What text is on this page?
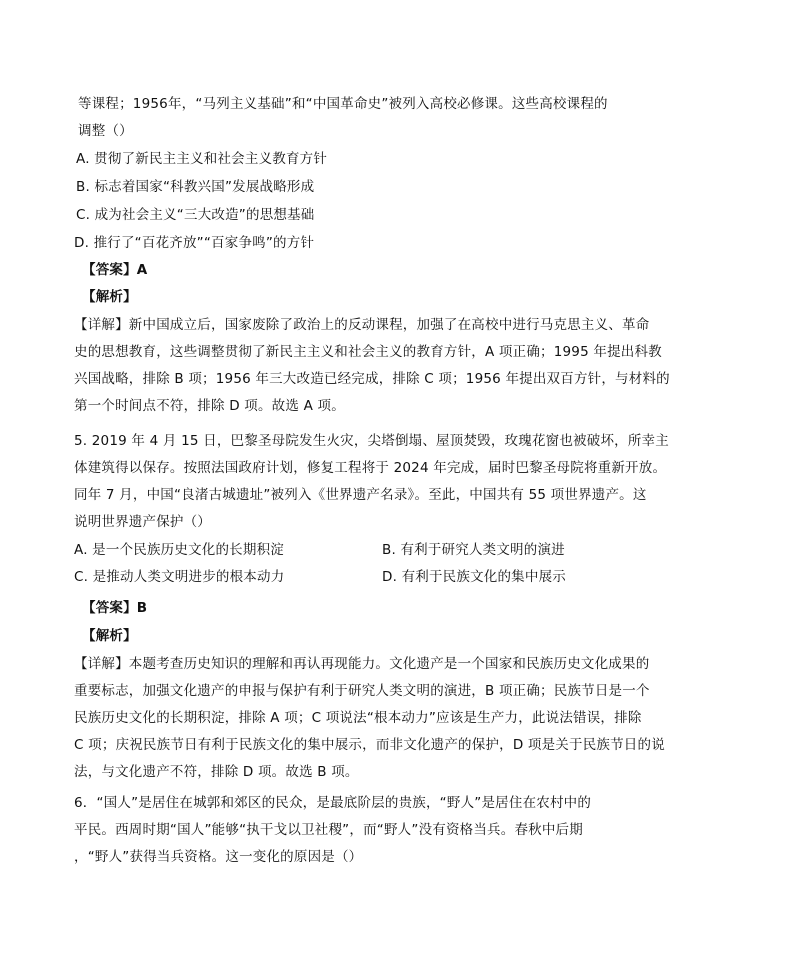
等课程；1956年，“马列主义基础”和“中国革命史”被列入高校必修课。这些高校课程的
调整（）
A. 贯彻了新民主主义和社会主义教育方针
B. 标志着国家“科教兴国”发展战略形成
C. 成为社会主义“三大改造”的思想基础
D. 推行了“百花齐放”“百家争鸣”的方针
【答案】A
【解析】
【详解】新中国成立后，国家废除了政治上的反动课程，加强了在高校中进行马克思主义、革命
史的思想教育，这些调整贯彻了新民主主义和社会主义的教育方针，A 项正确；1995 年提出科教
兴国战略，排除 B 项；1956 年三大改造已经完成，排除 C 项；1956 年提出双百方针，与材料的
第一个时间点不符，排除 D 项。故选 A 项。
5. 2019 年 4 月 15 日，巴黎圣母院发生火灾，尖塔倒塌、屋顶焚毁，玫瑰花窗也被破坏，所幸主
体建筑得以保存。按照法国政府计划，修复工程将于 2024 年完成，届时巴黎圣母院将重新开放。
同年 7 月，中国“良渚古城遗址”被列入《世界遗产名录》。至此，中国共有 55 项世界遗产。这
说明世界遗产保护（）
A. 是一个民族历史文化的长期积淀	B. 有利于研究人类文明的演进
C. 是推动人类文明进步的根本动力	D. 有利于民族文化的集中展示
【答案】B
【解析】
【详解】本题考查历史知识的理解和再认再现能力。文化遗产是一个国家和民族历史文化成果的
重要标志，加强文化遗产的申报与保护有利于研究人类文明的演进，B 项正确；民族节日是一个
民族历史文化的长期积淀，排除 A 项；C 项说法“根本动力”应该是生产力，此说法错误，排除
C 项；庆祝民族节日有利于民族文化的集中展示，而非文化遗产的保护，D 项是关于民族节日的说
法，与文化遗产不符，排除 D 项。故选 B 项。
6．“国人”是居住在城郭和郊区的民众，是最底阶层的贵族，“野人”是居住在农村中的
平民。西周时期“国人”能够“执干戈以卫社稷”，而“野人”没有资格当兵。春秋中后期
，“野人”获得当兵资格。这一变化的原因是（）
